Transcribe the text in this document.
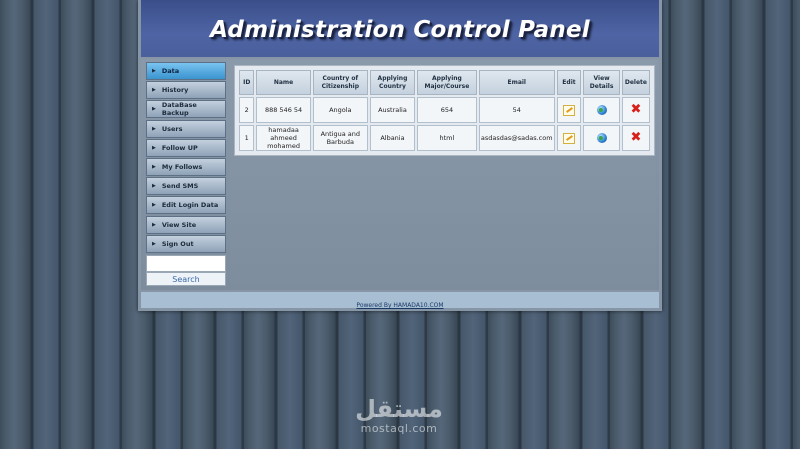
Administration Control Panel
▶ Data
▶ History
▶ DataBase Backup
▶ Users
▶ Follow UP
▶ My Follows
▶ Send SMS
▶ Edit Login Data
▶ View Site
▶ Sign Out
Search
ID	Name	Country of Citizenship	Applying Country	Applying Major/Course	Email	Edit	View Details	Delete
2	888 546 54	Angola	Australia	654	54			✖
1	hamadaa ahmeed mohamed	Antigua and Barbuda	Albania	html	asdasdas@sadas.com			✖
Powered By HAMADA10.COM
مستقل
mostaql.com
